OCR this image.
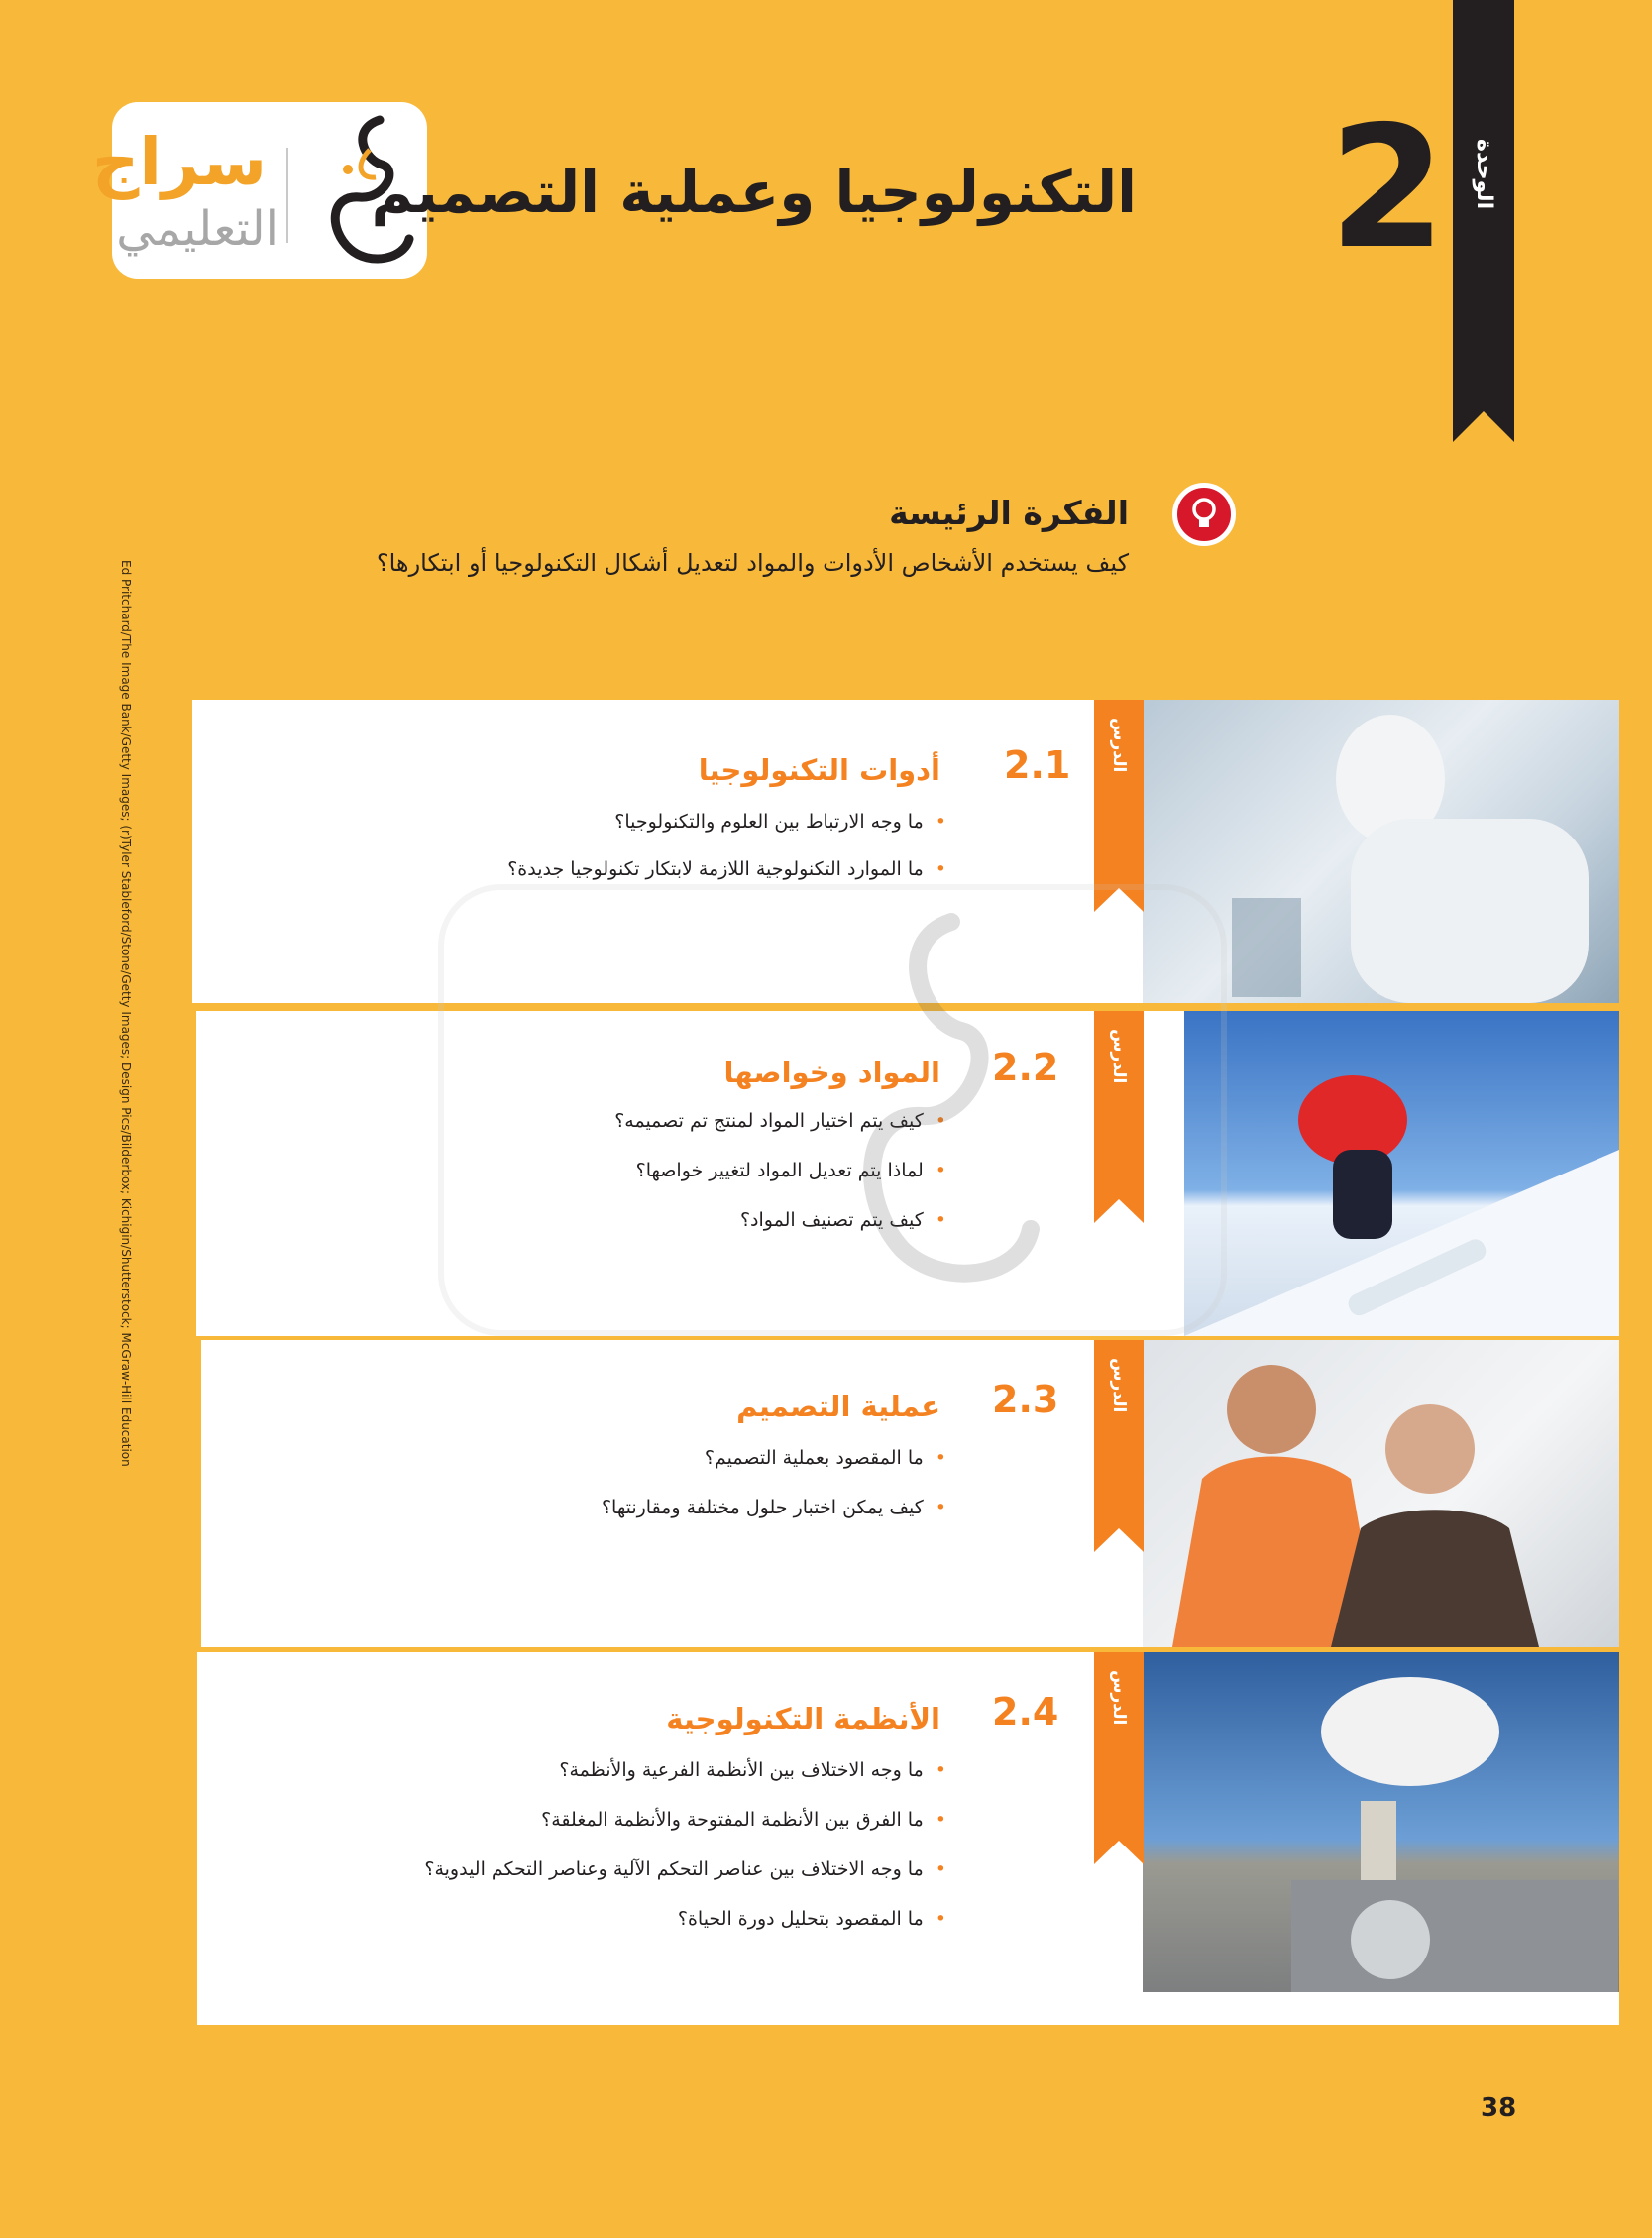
سراج
التعليمي
الوحدة
2
التكنولوجيا وعملية التصميم
الفكرة الرئيسة
كيف يستخدم الأشخاص الأدوات والمواد لتعديل أشكال التكنولوجيا أو ابتكارها؟
Ed Pritchard/The Image Bank/Getty Images; (r)Tyler Stableford/Stone/Getty Images; Design Pics/Bilderbox; Kichigin/Shutterstock; McGraw-Hill Education	الدرس
2.1
أدوات التكنولوجيا
• ما وجه الارتباط بين العلوم والتكنولوجيا؟
• ما الموارد التكنولوجية اللازمة لابتكار تكنولوجيا جديدة؟
الدرس
2.2
المواد وخواصها
• كيف يتم اختيار المواد لمنتج تم تصميمه؟
• لماذا يتم تعديل المواد لتغيير خواصها؟
• كيف يتم تصنيف المواد؟
الدرس
2.3
عملية التصميم
• ما المقصود بعملية التصميم؟
• كيف يمكن اختبار حلول مختلفة ومقارنتها؟
الدرس
2.4
الأنظمة التكنولوجية
• ما وجه الاختلاف بين الأنظمة الفرعية والأنظمة؟
• ما الفرق بين الأنظمة المفتوحة والأنظمة المغلقة؟
• ما وجه الاختلاف بين عناصر التحكم الآلية وعناصر التحكم اليدوية؟
• ما المقصود بتحليل دورة الحياة؟
38
